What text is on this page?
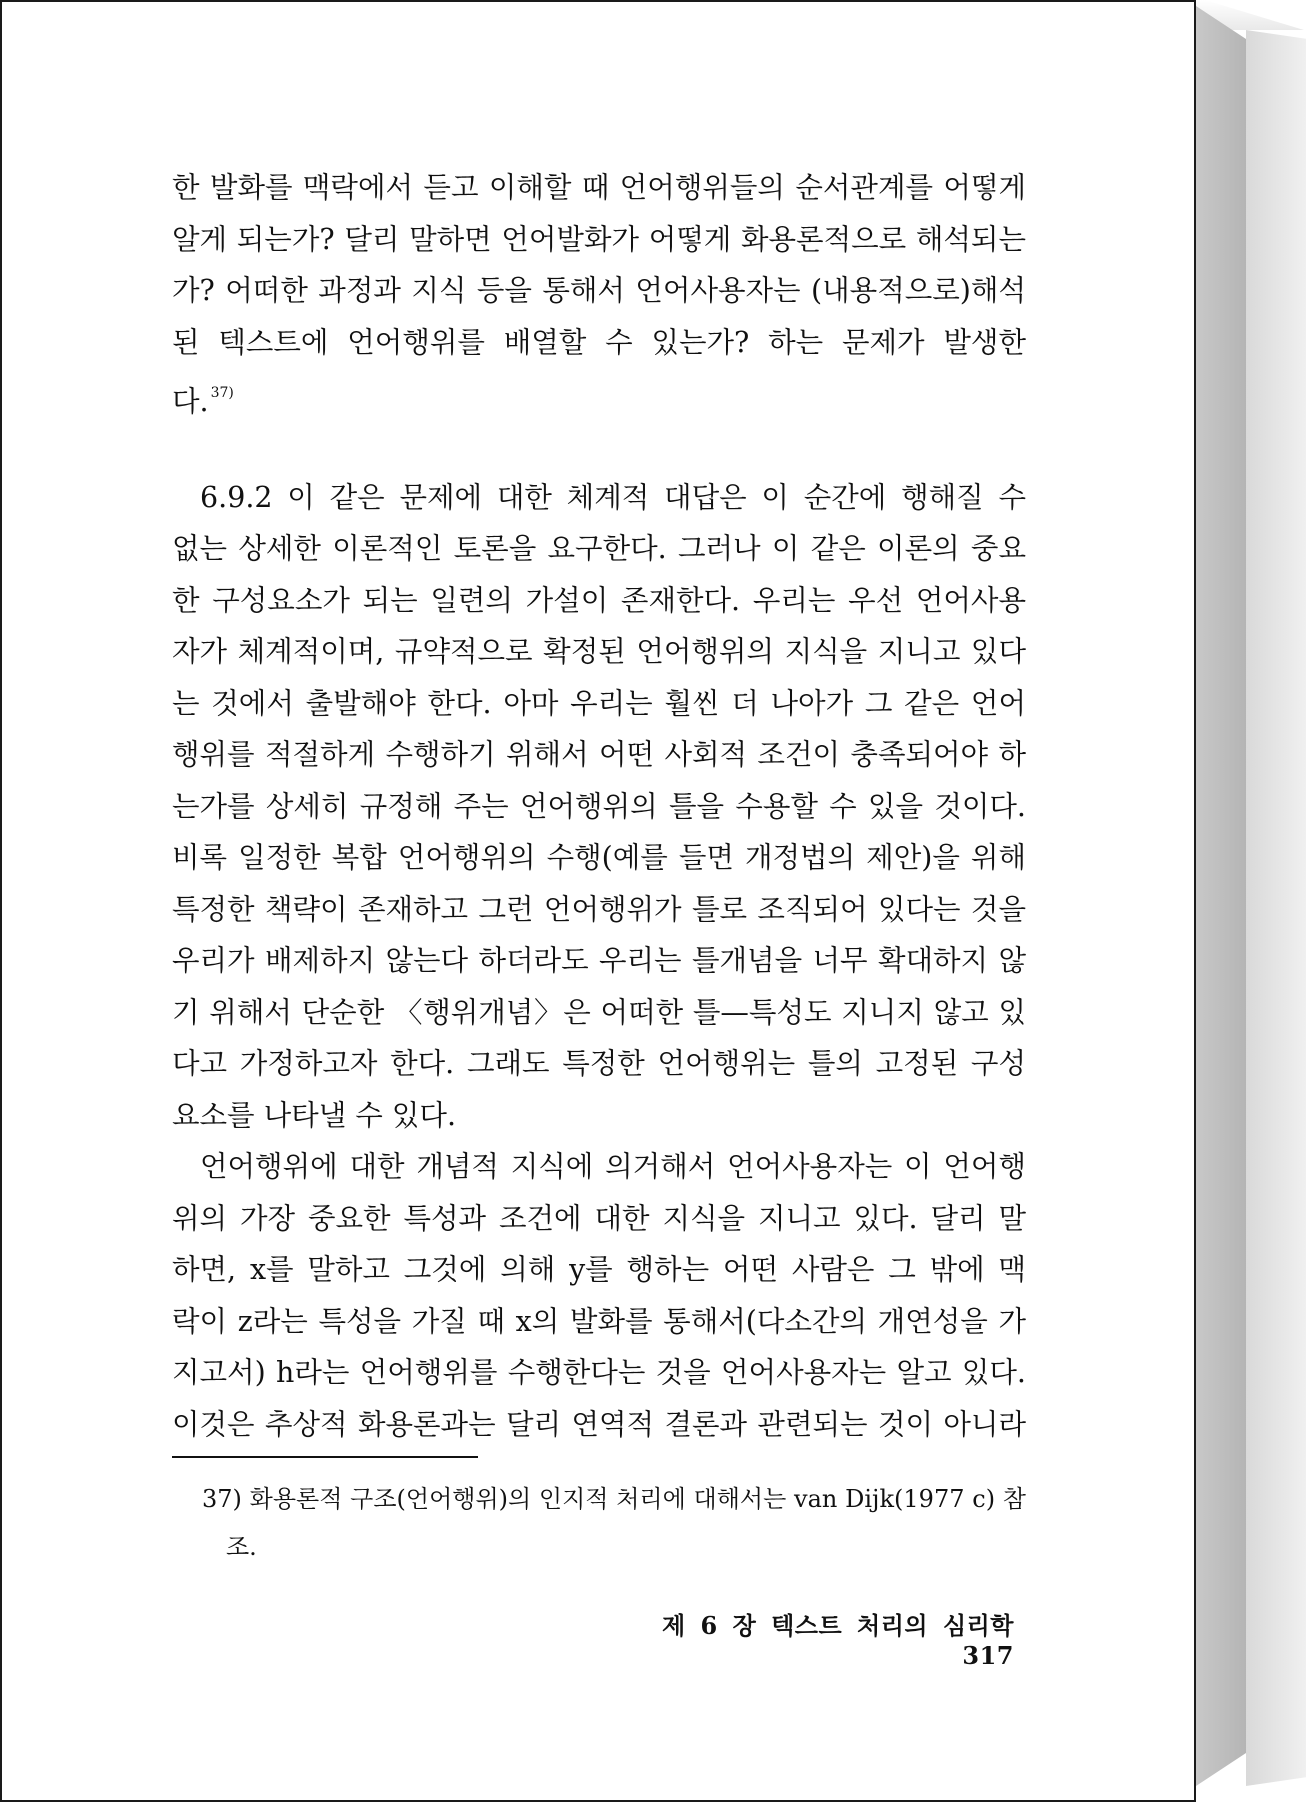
한 발화를 맥락에서 듣고 이해할 때 언어행위들의 순서관계를 어떻게
알게 되는가? 달리 말하면 언어발화가 어떻게 화용론적으로 해석되는
가? 어떠한 과정과 지식 등을 통해서 언어사용자는 (내용적으로)해석
된 텍스트에 언어행위를 배열할 수 있는가? 하는 문제가 발생한
다. $^{37)}$

6.9.2 이 같은 문제에 대한 체계적 대답은 이 순간에 행해질 수
없는 상세한 이론적인 토론을 요구한다. 그러나 이 같은 이론의 중요
한 구성요소가 되는 일련의 가설이 존재한다. 우리는 우선 언어사용
자가 체계적이며, 규약적으로 확정된 언어행위의 지식을 지니고 있다
는 것에서 출발해야 한다. 아마 우리는 훨씬 더 나아가 그 같은 언어
행위를 적절하게 수행하기 위해서 어떤 사회적 조건이 충족되어야 하
는가를 상세히 규정해 주는 언어행위의 틀을 수용할 수 있을 것이다.
비록 일정한 복합 언어행위의 수행(예를 들면 개정법의 제안)을 위해
특정한 책략이 존재하고 그런 언어행위가 틀로 조직되어 있다는 것을
우리가 배제하지 않는다 하더라도 우리는 틀개념을 너무 확대하지 않
기 위해서 단순한 〈행위개념〉은 어떠한 틀—특성도 지니지 않고 있
다고 가정하고자 한다. 그래도 특정한 언어행위는 틀의 고정된 구성
요소를 나타낼 수 있다.

언어행위에 대한 개념적 지식에 의거해서 언어사용자는 이 언어행
위의 가장 중요한 특성과 조건에 대한 지식을 지니고 있다. 달리 말
하면, x를 말하고 그것에 의해 y를 행하는 어떤 사람은 그 밖에 맥
락이 z라는 특성을 가질 때 x의 발화를 통해서(다소간의 개연성을 가
지고서) h라는 언어행위를 수행한다는 것을 언어사용자는 알고 있다.
이것은 추상적 화용론과는 달리 연역적 결론과 관련되는 것이 아니라

37) 화용론적 구조(언어행위)의 인지적 처리에 대해서는 van Dijk(1977 c) 참
조.
제 6 장 텍스트 처리의 심리학 317
